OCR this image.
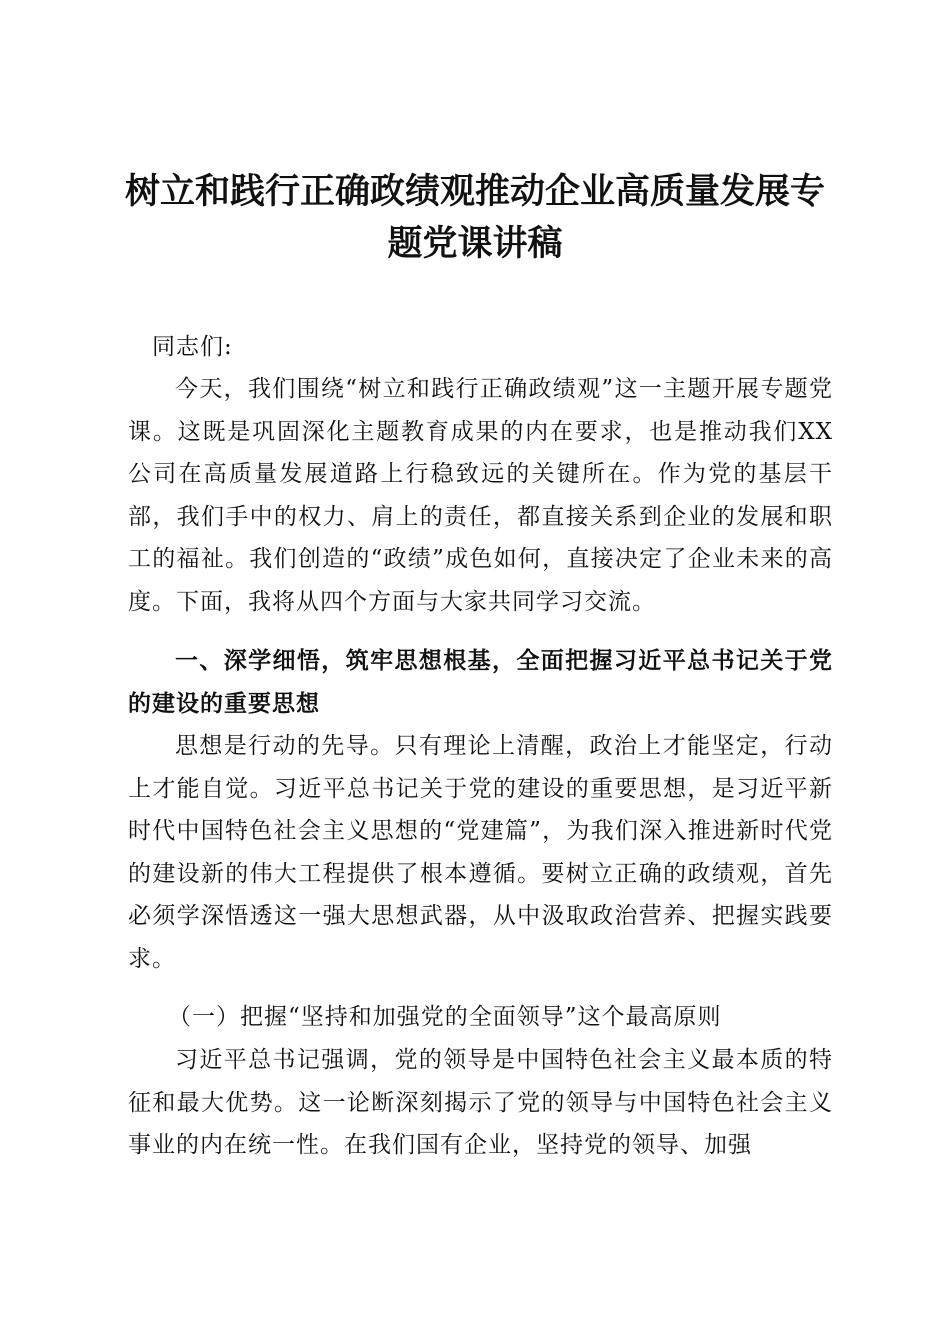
树立和践行正确政绩观推动企业高质量发展专题党课讲稿

同志们:

今天，我们围绕“树立和践行正确政绩观”这一主题开展专题党课。这既是巩固深化主题教育成果的内在要求，也是推动我们XX公司在高质量发展道路上行稳致远的关键所在。作为党的基层干部，我们手中的权力、肩上的责任，都直接关系到企业的发展和职工的福祉。我们创造的“政绩”成色如何，直接决定了企业未来的高度。下面，我将从四个方面与大家共同学习交流。

一、深学细悟，筑牢思想根基，全面把握习近平总书记关于党的建设的重要思想

思想是行动的先导。只有理论上清醒，政治上才能坚定，行动上才能自觉。习近平总书记关于党的建设的重要思想，是习近平新时代中国特色社会主义思想的“党建篇”，为我们深入推进新时代党的建设新的伟大工程提供了根本遵循。要树立正确的政绩观，首先必须学深悟透这一强大思想武器，从中汲取政治营养、把握实践要求。

（一）把握“坚持和加强党的全面领导”这个最高原则

习近平总书记强调，党的领导是中国特色社会主义最本质的特征和最大优势。这一论断深刻揭示了党的领导与中国特色社会主义事业的内在统一性。在我们国有企业，坚持党的领导、加强
